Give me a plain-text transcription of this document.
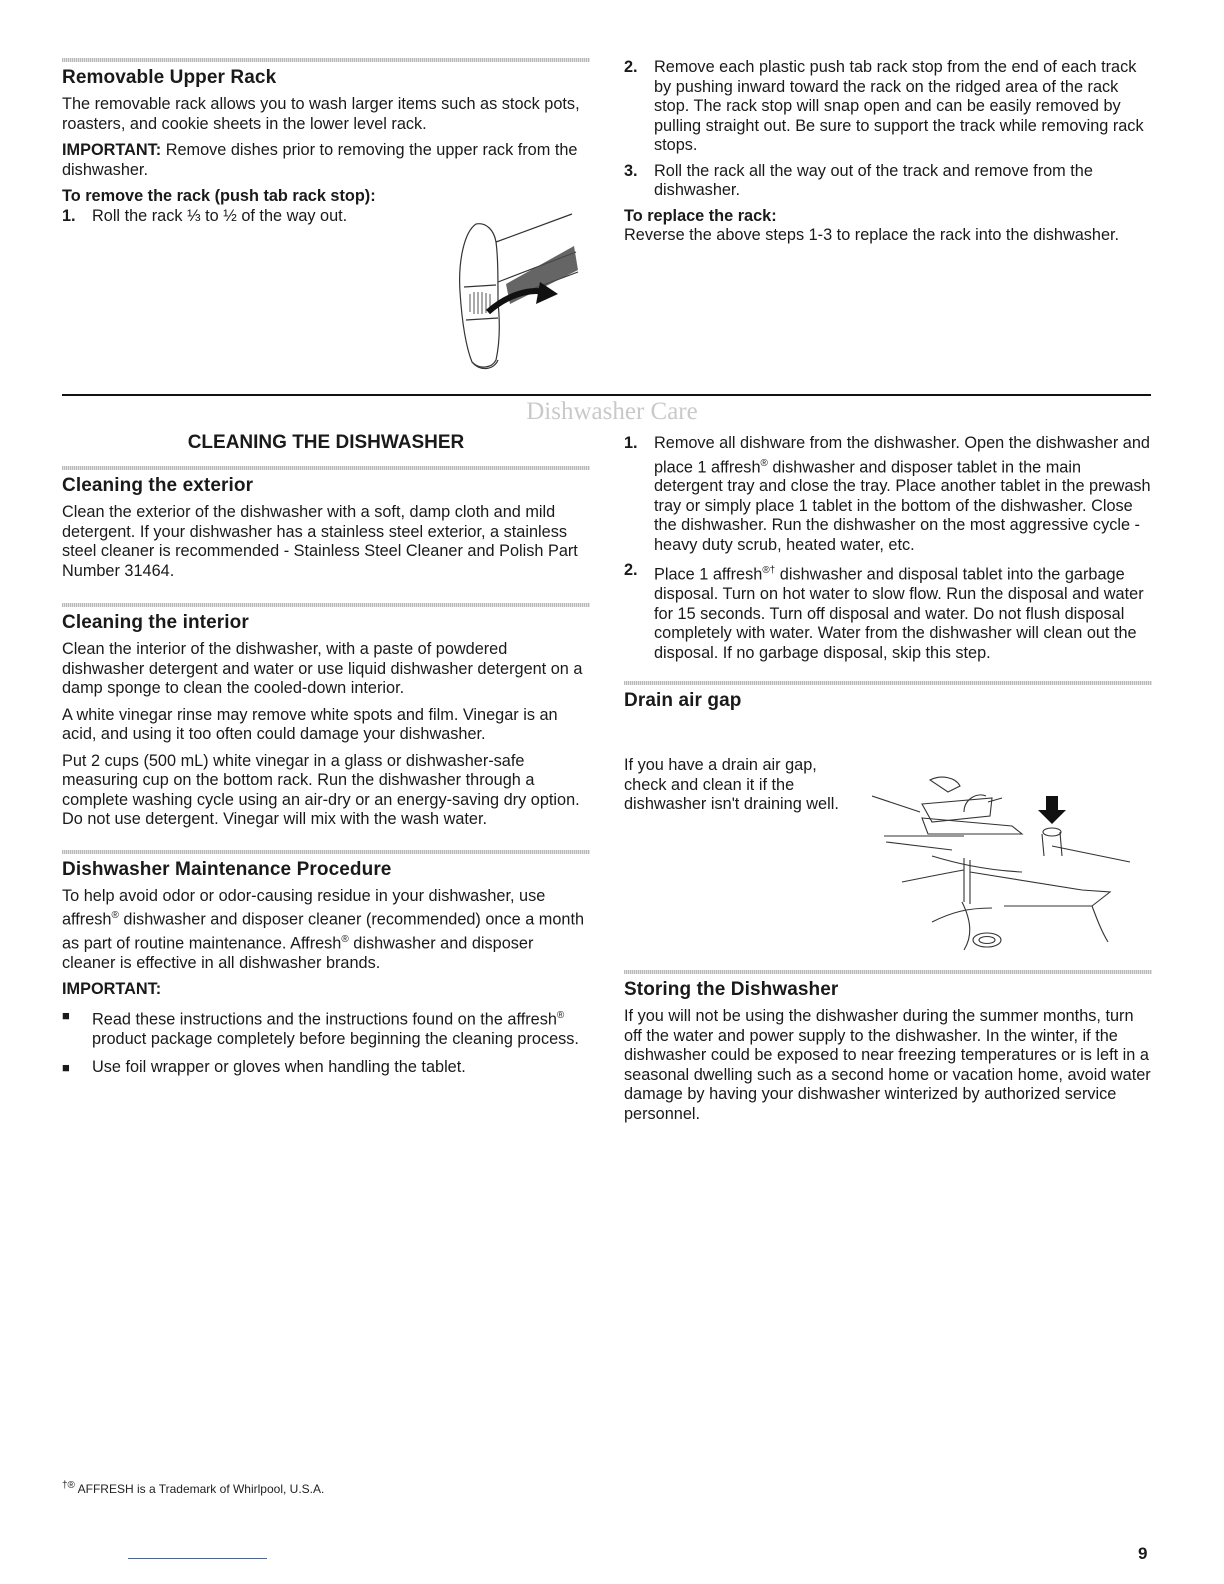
Removable Upper Rack

The removable rack allows you to wash larger items such as stock pots, roasters, and cookie sheets in the lower level rack.

IMPORTANT: Remove dishes prior to removing the upper rack from the dishwasher.

To remove the rack (push tab rack stop):
1.	Roll the rack ⅓ to ½ of the way out.
2.	Remove each plastic push tab rack stop from the end of each track by pushing inward toward the rack on the ridged area of the rack stop. The rack stop will snap open and can be easily removed by pulling straight out. Be sure to support the track while removing rack stops.
3.	Roll the rack all the way out of the track and remove from the dishwasher.
To replace the rack:

Reverse the above steps 1-3 to replace the rack into the dishwasher.

Dishwasher Care
CLEANING THE DISHWASHER
Cleaning the exterior

Clean the exterior of the dishwasher with a soft, damp cloth and mild detergent. If your dishwasher has a stainless steel exterior, a stainless steel cleaner is recommended - Stainless Steel Cleaner and Polish Part Number 31464.

Cleaning the interior

Clean the interior of the dishwasher, with a paste of powdered dishwasher detergent and water or use liquid dishwasher detergent on a damp sponge to clean the cooled-down interior.

A white vinegar rinse may remove white spots and film. Vinegar is an acid, and using it too often could damage your dishwasher.

Put 2 cups (500 mL) white vinegar in a glass or dishwasher-safe measuring cup on the bottom rack. Run the dishwasher through a complete washing cycle using an air-dry or an energy-saving dry option. Do not use detergent. Vinegar will mix with the wash water.

Dishwasher Maintenance Procedure

To help avoid odor or odor-causing residue in your dishwasher, use affresh® dishwasher and disposer cleaner (recommended) once a month as part of routine maintenance. Affresh® dishwasher and disposer cleaner is effective in all dishwasher brands.

IMPORTANT:
■	Read these instructions and the instructions found on the affresh® product package completely before beginning the cleaning process.
■	Use foil wrapper or gloves when handling the tablet.
1.	Remove all dishware from the dishwasher. Open the dishwasher and place 1 affresh® dishwasher and disposer tablet in the main detergent tray and close the tray. Place another tablet in the prewash tray or simply place 1 tablet in the bottom of the dishwasher. Close the dishwasher. Run the dishwasher on the most aggressive cycle - heavy duty scrub, heated water, etc.
2.	Place 1 affresh®† dishwasher and disposal tablet into the garbage disposal. Turn on hot water to slow flow. Run the disposal and water for 15 seconds. Turn off disposal and water. Do not flush disposal completely with water. Water from the dishwasher will clean out the disposal. If no garbage disposal, skip this step.
Drain air gap

If you have a drain air gap, check and clean it if the dishwasher isn't draining well.

Storing the Dishwasher

If you will not be using the dishwasher during the summer months, turn off the water and power supply to the dishwasher. In the winter, if the dishwasher could be exposed to near freezing temperatures or is left in a seasonal dwelling such as a second home or vacation home, avoid water damage by having your dishwasher winterized by authorized service personnel.

†® AFFRESH is a Trademark of Whirlpool, U.S.A.
9
